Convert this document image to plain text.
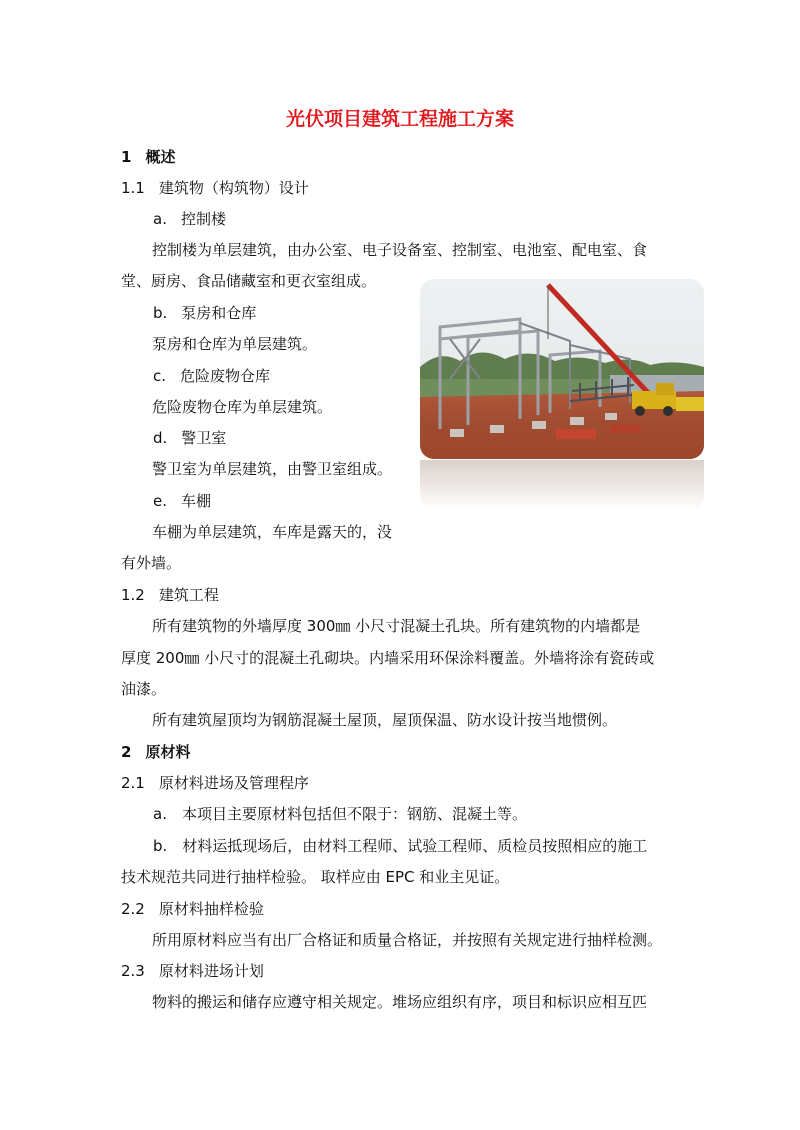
光伏项目建筑工程施工方案
1 概述
1.1 建筑物（构筑物）设计
a. 控制楼
控制楼为单层建筑，由办公室、电子设备室、控制室、电池室、配电室、食
堂、厨房、食品储藏室和更衣室组成。
b. 泵房和仓库
泵房和仓库为单层建筑。
c. 危险废物仓库
危险废物仓库为单层建筑。
d. 警卫室
警卫室为单层建筑，由警卫室组成。
e. 车棚
车棚为单层建筑，车库是露天的，没
有外墙。
1.2 建筑工程
所有建筑物的外墙厚度 300㎜ 小尺寸混凝土孔块。所有建筑物的内墙都是
厚度 200㎜ 小尺寸的混凝土孔砌块。内墙采用环保涂料覆盖。外墙将涂有瓷砖或
油漆。
所有建筑屋顶均为钢筋混凝土屋顶，屋顶保温、防水设计按当地惯例。
2 原材料
2.1 原材料进场及管理程序
a.　本项目主要原材料包括但不限于：钢筋、混凝土等。
b.　材料运抵现场后，由材料工程师、试验工程师、质检员按照相应的施工
技术规范共同进行抽样检验。 取样应由 EPC 和业主见证。
2.2 原材料抽样检验
所用原材料应当有出厂合格证和质量合格证，并按照有关规定进行抽样检测。
2.3 原材料进场计划
物料的搬运和储存应遵守相关规定。堆场应组织有序，项目和标识应相互匹
